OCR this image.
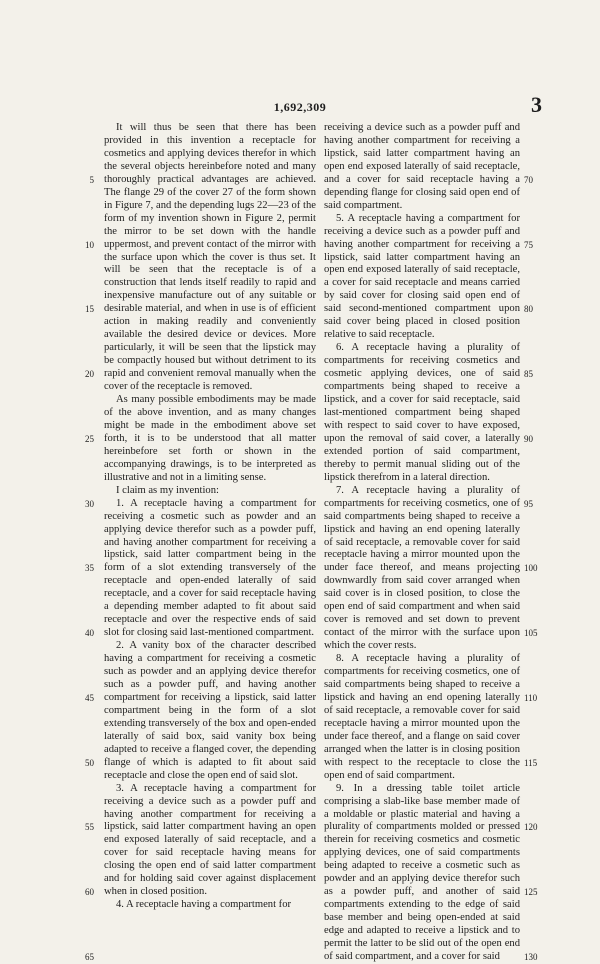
1,692,309	3
5
10
15
20
25
30
35
40
45
50
55
60
65

It will thus be seen that there has been provided in this invention a receptacle for cosmetics and applying devices therefor in which the several objects hereinbefore noted and many thoroughly practical advantages are achieved. The flange 29 of the cover 27 of the form shown in Figure 7, and the depending lugs 22—23 of the form of my invention shown in Figure 2, permit the mirror to be set down with the handle uppermost, and prevent contact of the mirror with the surface upon which the cover is thus set. It will be seen that the receptacle is of a construction that lends itself readily to rapid and inexpensive manufacture out of any suitable or desirable material, and when in use is of efficient action in making readily and conveniently available the desired device or devices. More particularly, it will be seen that the lipstick may be compactly housed but without detriment to its rapid and convenient removal manually when the cover of the receptacle is removed.

As many possible embodiments may be made of the above invention, and as many changes might be made in the embodiment above set forth, it is to be understood that all matter hereinbefore set forth or shown in the accompanying drawings, is to be interpreted as illustrative and not in a limiting sense.

I claim as my invention:

1. A receptacle having a compartment for receiving a cosmetic such as powder and an applying device therefor such as a powder puff, and having another compartment for receiving a lipstick, said latter compartment being in the form of a slot extending transversely of the receptacle and open-ended laterally of said receptacle, and a cover for said receptacle having a depending member adapted to fit about said receptacle and over the respective ends of said slot for closing said last-mentioned compartment.

2. A vanity box of the character described having a compartment for receiving a cosmetic such as powder and an applying device therefor such as a powder puff, and having another compartment for receiving a lipstick, said latter compartment being in the form of a slot extending transversely of the box and open-ended laterally of said box, said vanity box being adapted to receive a flanged cover, the depending flange of which is adapted to fit about said receptacle and close the open end of said slot.

3. A receptacle having a compartment for receiving a device such as a powder puff and having another compartment for receiving a lipstick, said latter compartment having an open end exposed laterally of said receptacle, and a cover for said receptacle having means for closing the open end of said latter compartment and for holding said cover against displacement when in closed position.

4. A receptacle having a compartment for

receiving a device such as a powder puff and having another compartment for receiving a lipstick, said latter compartment having an open end exposed laterally of said receptacle, and a cover for said receptacle having a depending flange for closing said open end of said compartment.

5. A receptacle having a compartment for receiving a device such as a powder puff and having another compartment for receiving a lipstick, said latter compartment having an open end exposed laterally of said receptacle, a cover for said receptacle and means carried by said cover for closing said open end of said second-mentioned compartment upon said cover being placed in closed position relative to said receptacle.

6. A receptacle having a plurality of compartments for receiving cosmetics and cosmetic applying devices, one of said compartments being shaped to receive a lipstick, and a cover for said receptacle, said last-mentioned compartment being shaped with respect to said cover to have exposed, upon the removal of said cover, a laterally extended portion of said compartment, thereby to permit manual sliding out of the lipstick therefrom in a lateral direction.

7. A receptacle having a plurality of compartments for receiving cosmetics, one of said compartments being shaped to receive a lipstick and having an end opening laterally of said receptacle, a removable cover for said receptacle having a mirror mounted upon the under face thereof, and means projecting downwardly from said cover arranged when said cover is in closed position, to close the open end of said compartment and when said cover is removed and set down to prevent contact of the mirror with the surface upon which the cover rests.

8. A receptacle having a plurality of compartments for receiving cosmetics, one of said compartments being shaped to receive a lipstick and having an end opening laterally of said receptacle, a removable cover for said receptacle having a mirror mounted upon the under face thereof, and a flange on said cover arranged when the latter is in closing position with respect to the receptacle to close the open end of said compartment.

9. In a dressing table toilet article comprising a slab-like base member made of a moldable or plastic material and having a plurality of compartments molded or pressed therein for receiving cosmetics and cosmetic applying devices, one of said compartments being adapted to receive a cosmetic such as powder and an applying device therefor such as a powder puff, and another of said compartments extending to the edge of said base member and being open-ended at said edge and adapted to receive a lipstick and to permit the latter to be slid out of the open end of said compartment, and a cover for said

70
75
80
85
90
95
100
105
110
115
120
125
130
